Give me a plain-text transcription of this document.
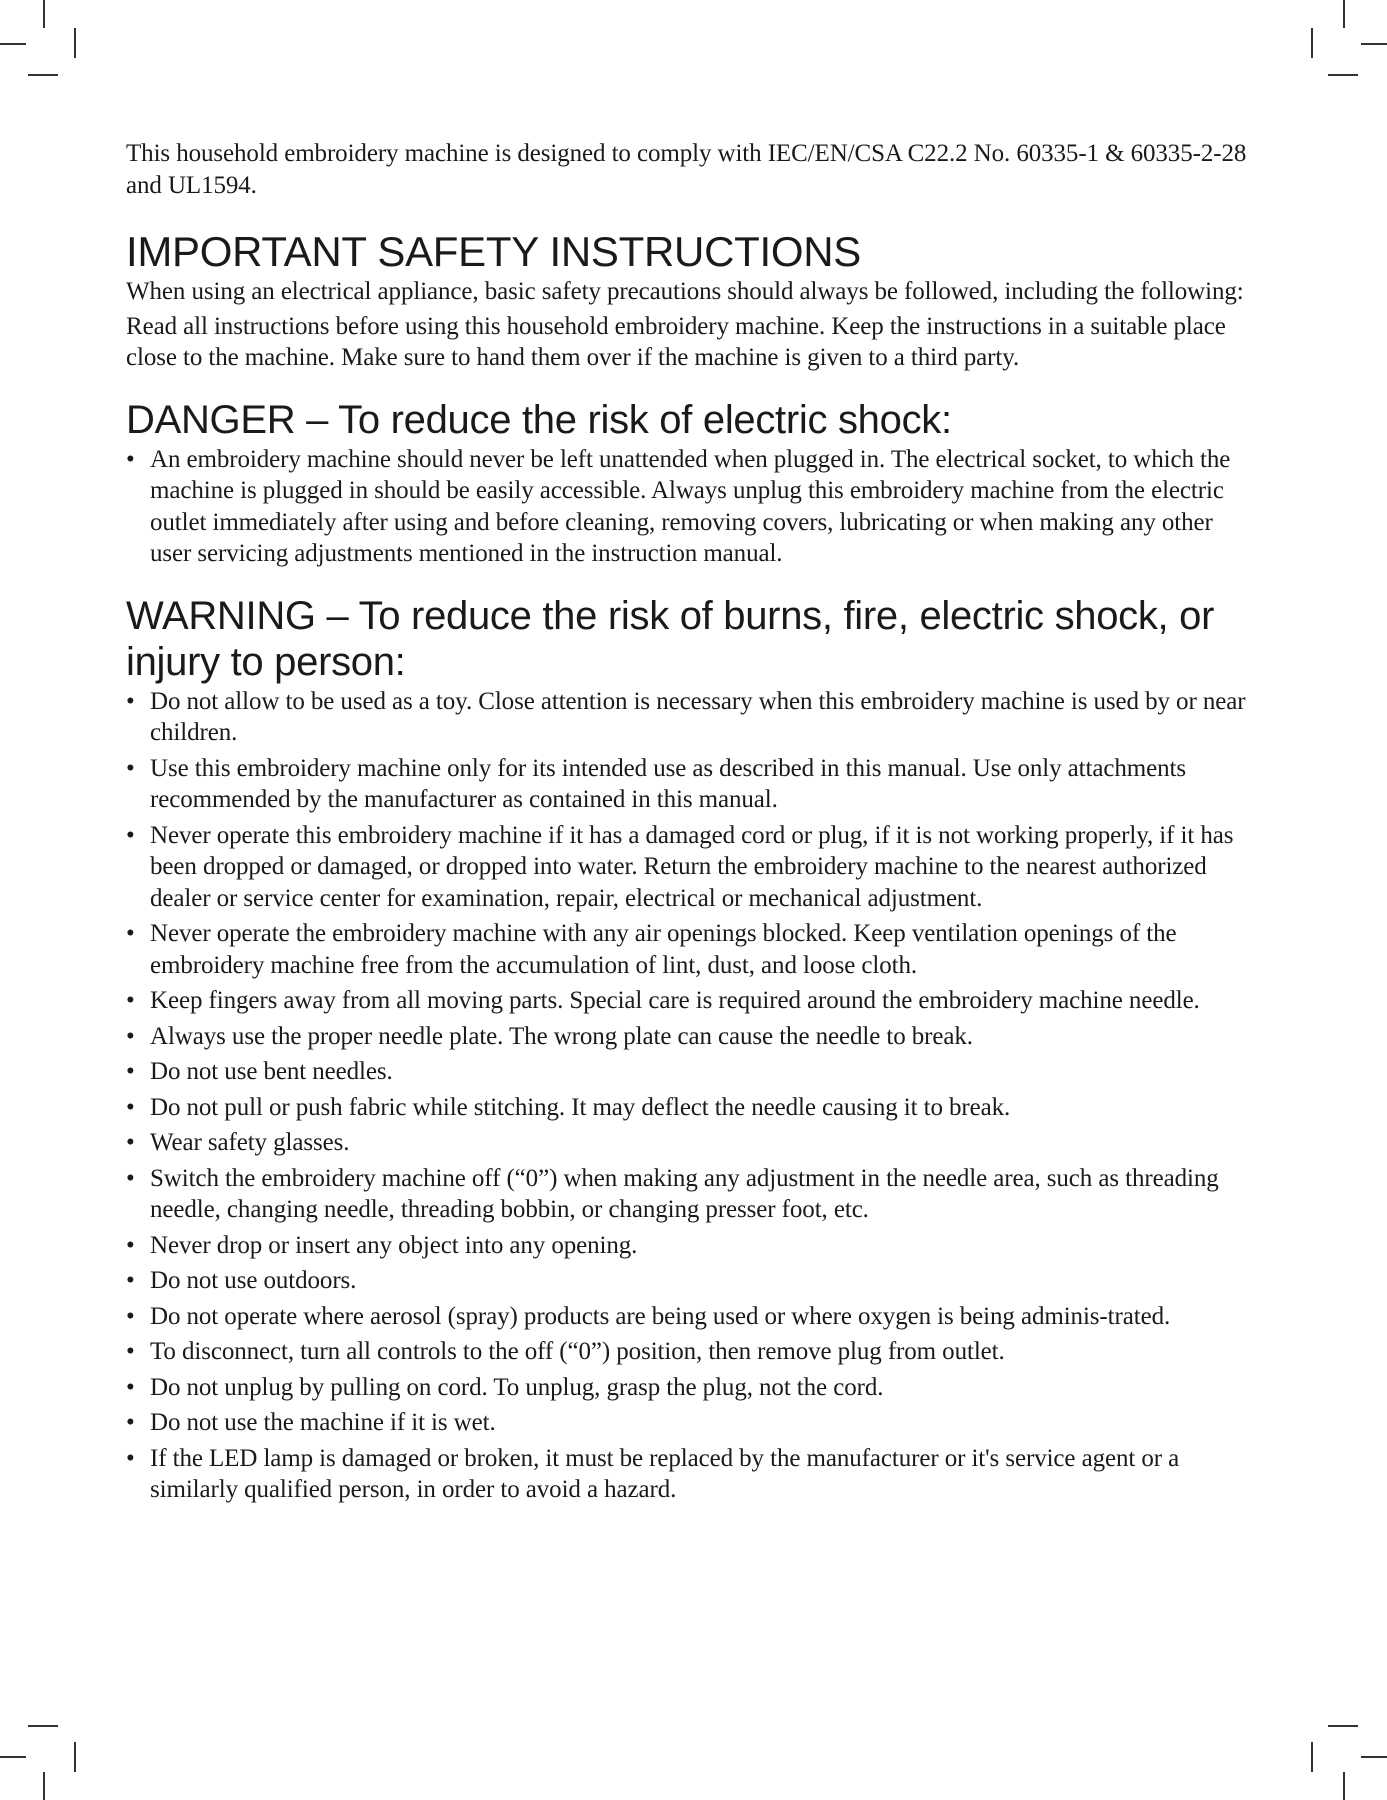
This household embroidery machine is designed to comply with IEC/EN/CSA C22.2 No. 60335-1 & 60335-2-28 and UL1594.

IMPORTANT SAFETY INSTRUCTIONS

When using an electrical appliance, basic safety precautions should always be followed, including the following:

Read all instructions before using this household embroidery machine. Keep the instructions in a suitable place close to the machine. Make sure to hand them over if the machine is given to a third party.

DANGER – To reduce the risk of electric shock:
• An embroidery machine should never be left unattended when plugged in. The electrical socket, to which the machine is plugged in should be easily accessible. Always unplug this embroidery machine from the electric outlet immediately after using and before cleaning, removing covers, lubricating or when making any other user servicing adjustments mentioned in the instruction manual.
WARNING – To reduce the risk of burns, fire, electric shock, or injury to person:
• Do not allow to be used as a toy. Close attention is necessary when this embroidery machine is used by or near children.
• Use this embroidery machine only for its intended use as described in this manual. Use only attachments recommended by the manufacturer as contained in this manual.
• Never operate this embroidery machine if it has a damaged cord or plug, if it is not working properly, if it has been dropped or damaged, or dropped into water. Return the embroidery machine to the nearest authorized dealer or service center for examination, repair, electrical or mechanical adjustment.
• Never operate the embroidery machine with any air openings blocked. Keep ventilation openings of the embroidery machine free from the accumulation of lint, dust, and loose cloth.
• Keep fingers away from all moving parts. Special care is required around the embroidery machine needle.
• Always use the proper needle plate. The wrong plate can cause the needle to break.
• Do not use bent needles.
• Do not pull or push fabric while stitching. It may deflect the needle causing it to break.
• Wear safety glasses.
• Switch the embroidery machine off (“0”) when making any adjustment in the needle area, such as threading needle, changing needle, threading bobbin, or changing presser foot, etc.
• Never drop or insert any object into any opening.
• Do not use outdoors.
• Do not operate where aerosol (spray) products are being used or where oxygen is being adminis-trated.
• To disconnect, turn all controls to the off (“0”) position, then remove plug from outlet.
• Do not unplug by pulling on cord. To unplug, grasp the plug, not the cord.
• Do not use the machine if it is wet.
• If the LED lamp is damaged or broken, it must be replaced by the manufacturer or it's service agent or a similarly qualified person, in order to avoid a hazard.
